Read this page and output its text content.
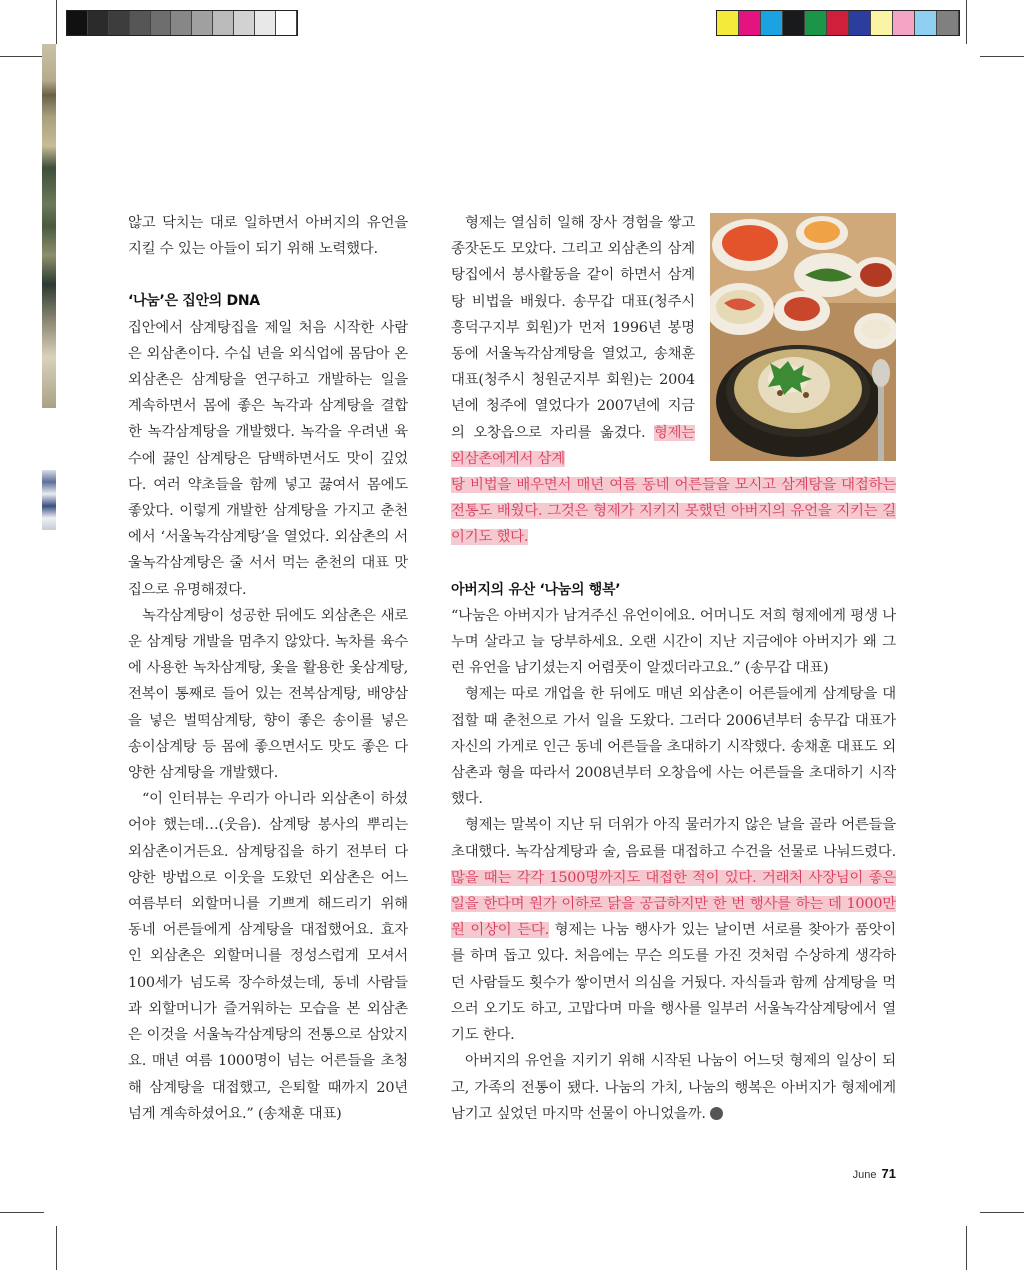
않고 닥치는 대로 일하면서 아버지의 유언을 지킬 수 있는 아들이 되기 위해 노력했다.

‘나눔’은 집안의 DNA

집안에서 삼계탕집을 제일 처음 시작한 사람은 외삼촌이다. 수십 년을 외식업에 몸담아 온 외삼촌은 삼계탕을 연구하고 개발하는 일을 계속하면서 몸에 좋은 녹각과 삼계탕을 결합한 녹각삼계탕을 개발했다. 녹각을 우려낸 육수에 끓인 삼계탕은 담백하면서도 맛이 깊었다. 여러 약초들을 함께 넣고 끓여서 몸에도 좋았다. 이렇게 개발한 삼계탕을 가지고 춘천에서 ‘서울녹각삼계탕’을 열었다. 외삼촌의 서울녹각삼계탕은 줄 서서 먹는 춘천의 대표 맛집으로 유명해졌다.

녹각삼계탕이 성공한 뒤에도 외삼촌은 새로운 삼계탕 개발을 멈추지 않았다. 녹차를 육수에 사용한 녹차삼계탕, 옻을 활용한 옻삼계탕, 전복이 통째로 들어 있는 전복삼계탕, 배양삼을 넣은 벌떡삼계탕, 향이 좋은 송이를 넣은 송이삼계탕 등 몸에 좋으면서도 맛도 좋은 다양한 삼계탕을 개발했다.

“이 인터뷰는 우리가 아니라 외삼촌이 하셨어야 했는데…(웃음). 삼계탕 봉사의 뿌리는 외삼촌이거든요. 삼계탕집을 하기 전부터 다양한 방법으로 이웃을 도왔던 외삼촌은 어느 여름부터 외할머니를 기쁘게 해드리기 위해 동네 어른들에게 삼계탕을 대접했어요. 효자인 외삼촌은 외할머니를 정성스럽게 모셔서 100세가 넘도록 장수하셨는데, 동네 사람들과 외할머니가 즐거워하는 모습을 본 외삼촌은 이것을 서울녹각삼계탕의 전통으로 삼았지요. 매년 여름 1000명이 넘는 어른들을 초청해 삼계탕을 대접했고, 은퇴할 때까지 20년 넘게 계속하셨어요.” (송채훈 대표)

형제는 열심히 일해 장사 경험을 쌓고 종잣돈도 모았다. 그리고 외삼촌의 삼계탕집에서 봉사활동을 같이 하면서 삼계탕 비법을 배웠다. 송무갑 대표(청주시 흥덕구지부 회원)가 먼저 1996년 봉명동에 서울녹각삼계탕을 열었고, 송채훈 대표(청주시 청원군지부 회원)는 2004년에 청주에 열었다가 2007년에 지금의 오창읍으로 자리를 옮겼다. 형제는 외삼촌에게서 삼계

탕 비법을 배우면서 매년 여름 동네 어른들을 모시고 삼계탕을 대접하는 전통도 배웠다. 그것은 형제가 지키지 못했던 아버지의 유언을 지키는 길이기도 했다.

아버지의 유산 ‘나눔의 행복’

“나눔은 아버지가 남겨주신 유언이에요. 어머니도 저희 형제에게 평생 나누며 살라고 늘 당부하세요. 오랜 시간이 지난 지금에야 아버지가 왜 그런 유언을 남기셨는지 어렴풋이 알겠더라고요.” (송무갑 대표)

형제는 따로 개업을 한 뒤에도 매년 외삼촌이 어른들에게 삼계탕을 대접할 때 춘천으로 가서 일을 도왔다. 그러다 2006년부터 송무갑 대표가 자신의 가게로 인근 동네 어른들을 초대하기 시작했다. 송채훈 대표도 외삼촌과 형을 따라서 2008년부터 오창읍에 사는 어른들을 초대하기 시작했다.

형제는 말복이 지난 뒤 더위가 아직 물러가지 않은 날을 골라 어른들을 초대했다. 녹각삼계탕과 술, 음료를 대접하고 수건을 선물로 나눠드렸다. 많을 때는 각각 1500명까지도 대접한 적이 있다. 거래처 사장님이 좋은 일을 한다며 원가 이하로 닭을 공급하지만 한 번 행사를 하는 데 1000만 원 이상이 든다. 형제는 나눔 행사가 있는 날이면 서로를 찾아가 품앗이를 하며 돕고 있다. 처음에는 무슨 의도를 가진 것처럼 수상하게 생각하던 사람들도 횟수가 쌓이면서 의심을 거뒀다. 자식들과 함께 삼계탕을 먹으러 오기도 하고, 고맙다며 마을 행사를 일부러 서울녹각삼계탕에서 열기도 한다.

아버지의 유언을 지키기 위해 시작된 나눔이 어느덧 형제의 일상이 되고, 가족의 전통이 됐다. 나눔의 가치, 나눔의 행복은 아버지가 형제에게 남기고 싶었던 마지막 선물이 아니었을까. f

June 71
